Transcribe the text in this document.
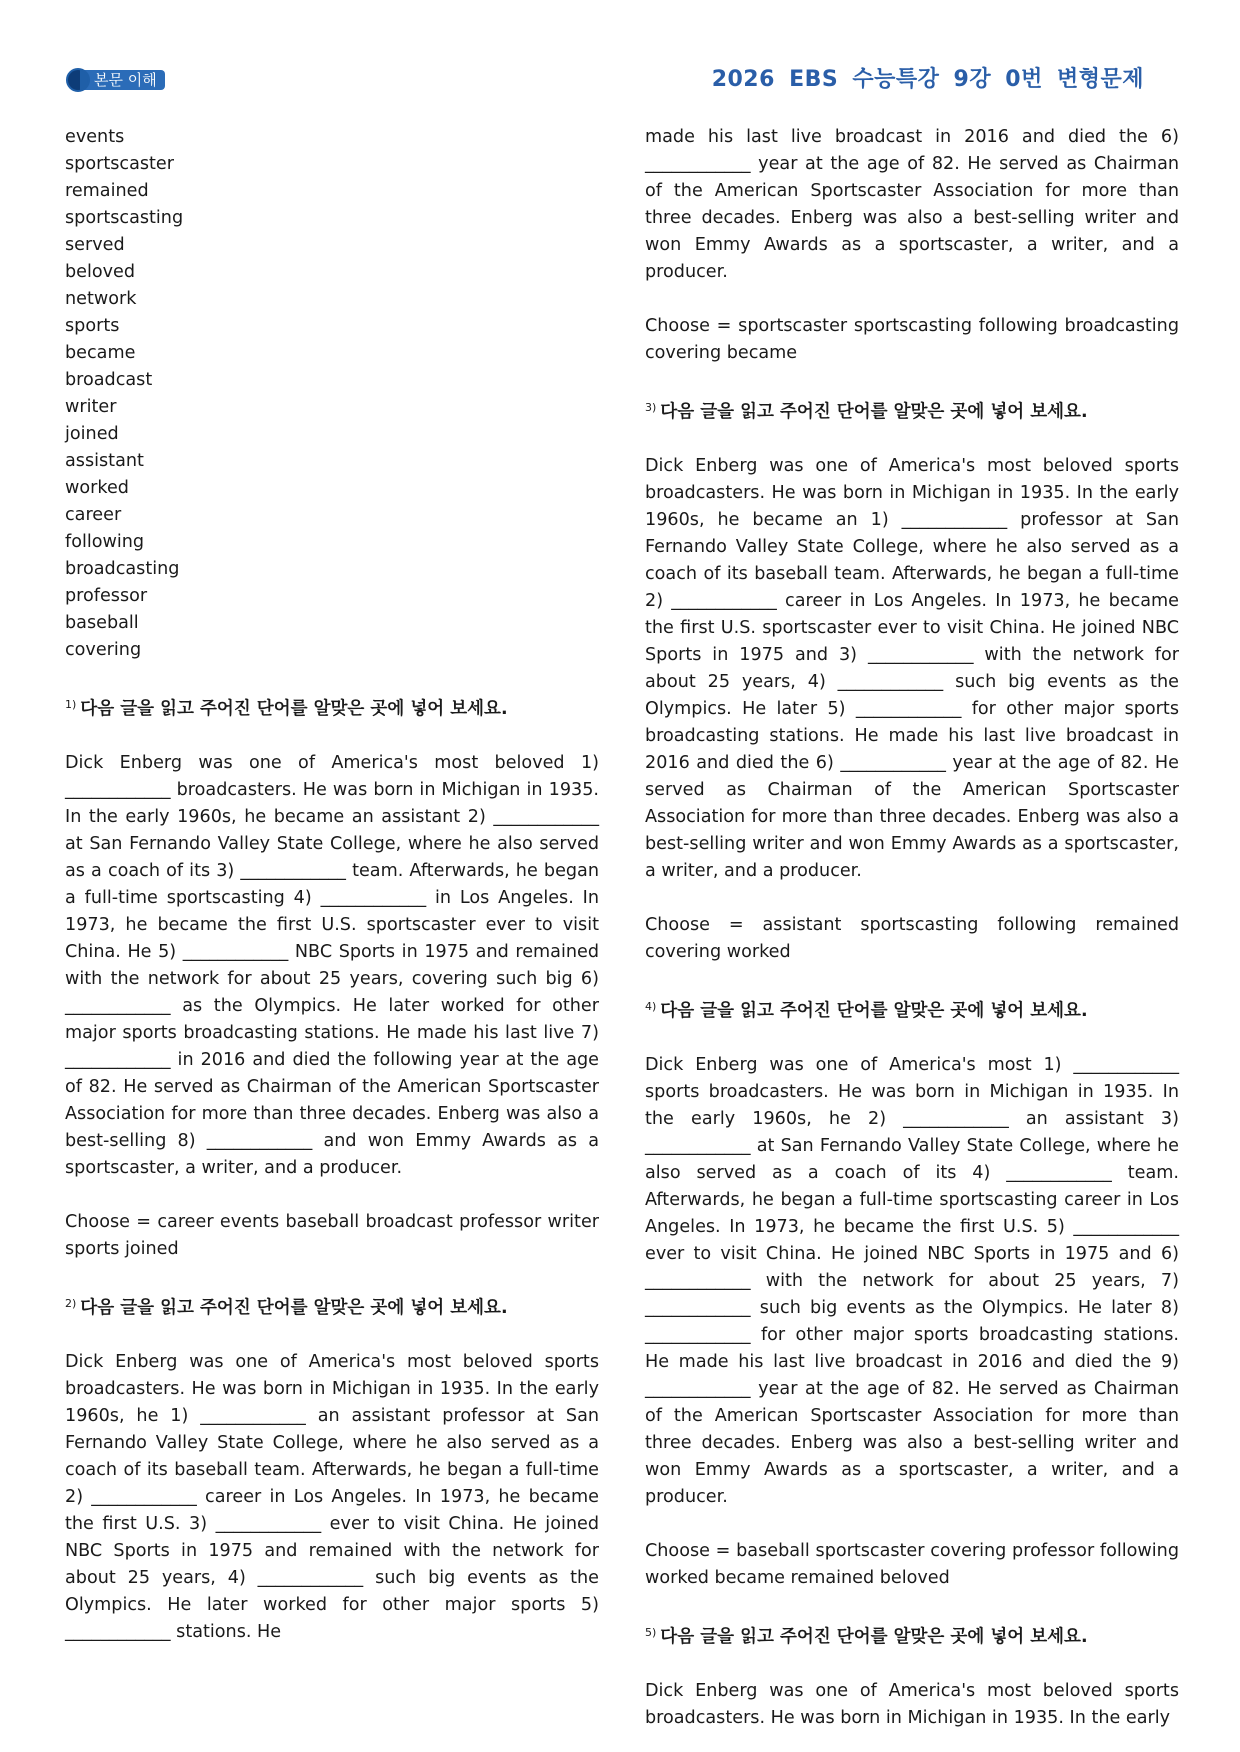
본문 이해	2026 EBS 수능특강 9강 0번 변형문제
events
sportscaster
remained
sportscasting
served
beloved
network
sports
became
broadcast
writer
joined
assistant
worked
career
following
broadcasting
professor
baseball
covering
$^{1)}$ 다음 글을 읽고 주어진 단어를 알맞은 곳에 넣어 보세요.
Dick Enberg was one of America's most beloved 1) ____________ broadcasters. He was born in Michigan in 1935. In the early 1960s, he became an assistant 2) ____________ at San Fernando Valley State College, where he also served as a coach of its 3) ____________ team. Afterwards, he began a full-time sportscasting 4) ____________ in Los Angeles. In 1973, he became the first U.S. sportscaster ever to visit China. He 5) ____________ NBC Sports in 1975 and remained with the network for about 25 years, covering such big 6) ____________ as the Olympics. He later worked for other major sports broadcasting stations. He made his last live 7) ____________ in 2016 and died the following year at the age of 82. He served as Chairman of the American Sportscaster Association for more than three decades. Enberg was also a best-selling 8) ____________ and won Emmy Awards as a sportscaster, a writer, and a producer.
Choose = career events baseball broadcast professor writer sports joined
$^{2)}$ 다음 글을 읽고 주어진 단어를 알맞은 곳에 넣어 보세요.
Dick Enberg was one of America's most beloved sports broadcasters. He was born in Michigan in 1935. In the early 1960s, he 1) ____________ an assistant professor at San Fernando Valley State College, where he also served as a coach of its baseball team. Afterwards, he began a full-time 2) ____________ career in Los Angeles. In 1973, he became the first U.S. 3) ____________ ever to visit China. He joined NBC Sports in 1975 and remained with the network for about 25 years, 4) ____________ such big events as the Olympics. He later worked for other major sports 5) ____________ stations. He
made his last live broadcast in 2016 and died the 6) ____________ year at the age of 82. He served as Chairman of the American Sportscaster Association for more than three decades. Enberg was also a best-selling writer and won Emmy Awards as a sportscaster, a writer, and a producer.
Choose = sportscaster sportscasting following broadcasting covering became
$^{3)}$ 다음 글을 읽고 주어진 단어를 알맞은 곳에 넣어 보세요.
Dick Enberg was one of America's most beloved sports broadcasters. He was born in Michigan in 1935. In the early 1960s, he became an 1) ____________ professor at San Fernando Valley State College, where he also served as a coach of its baseball team. Afterwards, he began a full-time 2) ____________ career in Los Angeles. In 1973, he became the first U.S. sportscaster ever to visit China. He joined NBC Sports in 1975 and 3) ____________ with the network for about 25 years, 4) ____________ such big events as the Olympics. He later 5) ____________ for other major sports broadcasting stations. He made his last live broadcast in 2016 and died the 6) ____________ year at the age of 82. He served as Chairman of the American Sportscaster Association for more than three decades. Enberg was also a best-selling writer and won Emmy Awards as a sportscaster, a writer, and a producer.
Choose = assistant sportscasting following remained covering worked
$^{4)}$ 다음 글을 읽고 주어진 단어를 알맞은 곳에 넣어 보세요.
Dick Enberg was one of America's most 1) ____________ sports broadcasters. He was born in Michigan in 1935. In the early 1960s, he 2) ____________ an assistant 3) ____________ at San Fernando Valley State College, where he also served as a coach of its 4) ____________ team. Afterwards, he began a full-time sportscasting career in Los Angeles. In 1973, he became the first U.S. 5) ____________ ever to visit China. He joined NBC Sports in 1975 and 6) ____________ with the network for about 25 years, 7) ____________ such big events as the Olympics. He later 8) ____________ for other major sports broadcasting stations. He made his last live broadcast in 2016 and died the 9) ____________ year at the age of 82. He served as Chairman of the American Sportscaster Association for more than three decades. Enberg was also a best-selling writer and won Emmy Awards as a sportscaster, a writer, and a producer.
Choose = baseball sportscaster covering professor following worked became remained beloved
$^{5)}$ 다음 글을 읽고 주어진 단어를 알맞은 곳에 넣어 보세요.
Dick Enberg was one of America's most beloved sports broadcasters. He was born in Michigan in 1935. In the early
